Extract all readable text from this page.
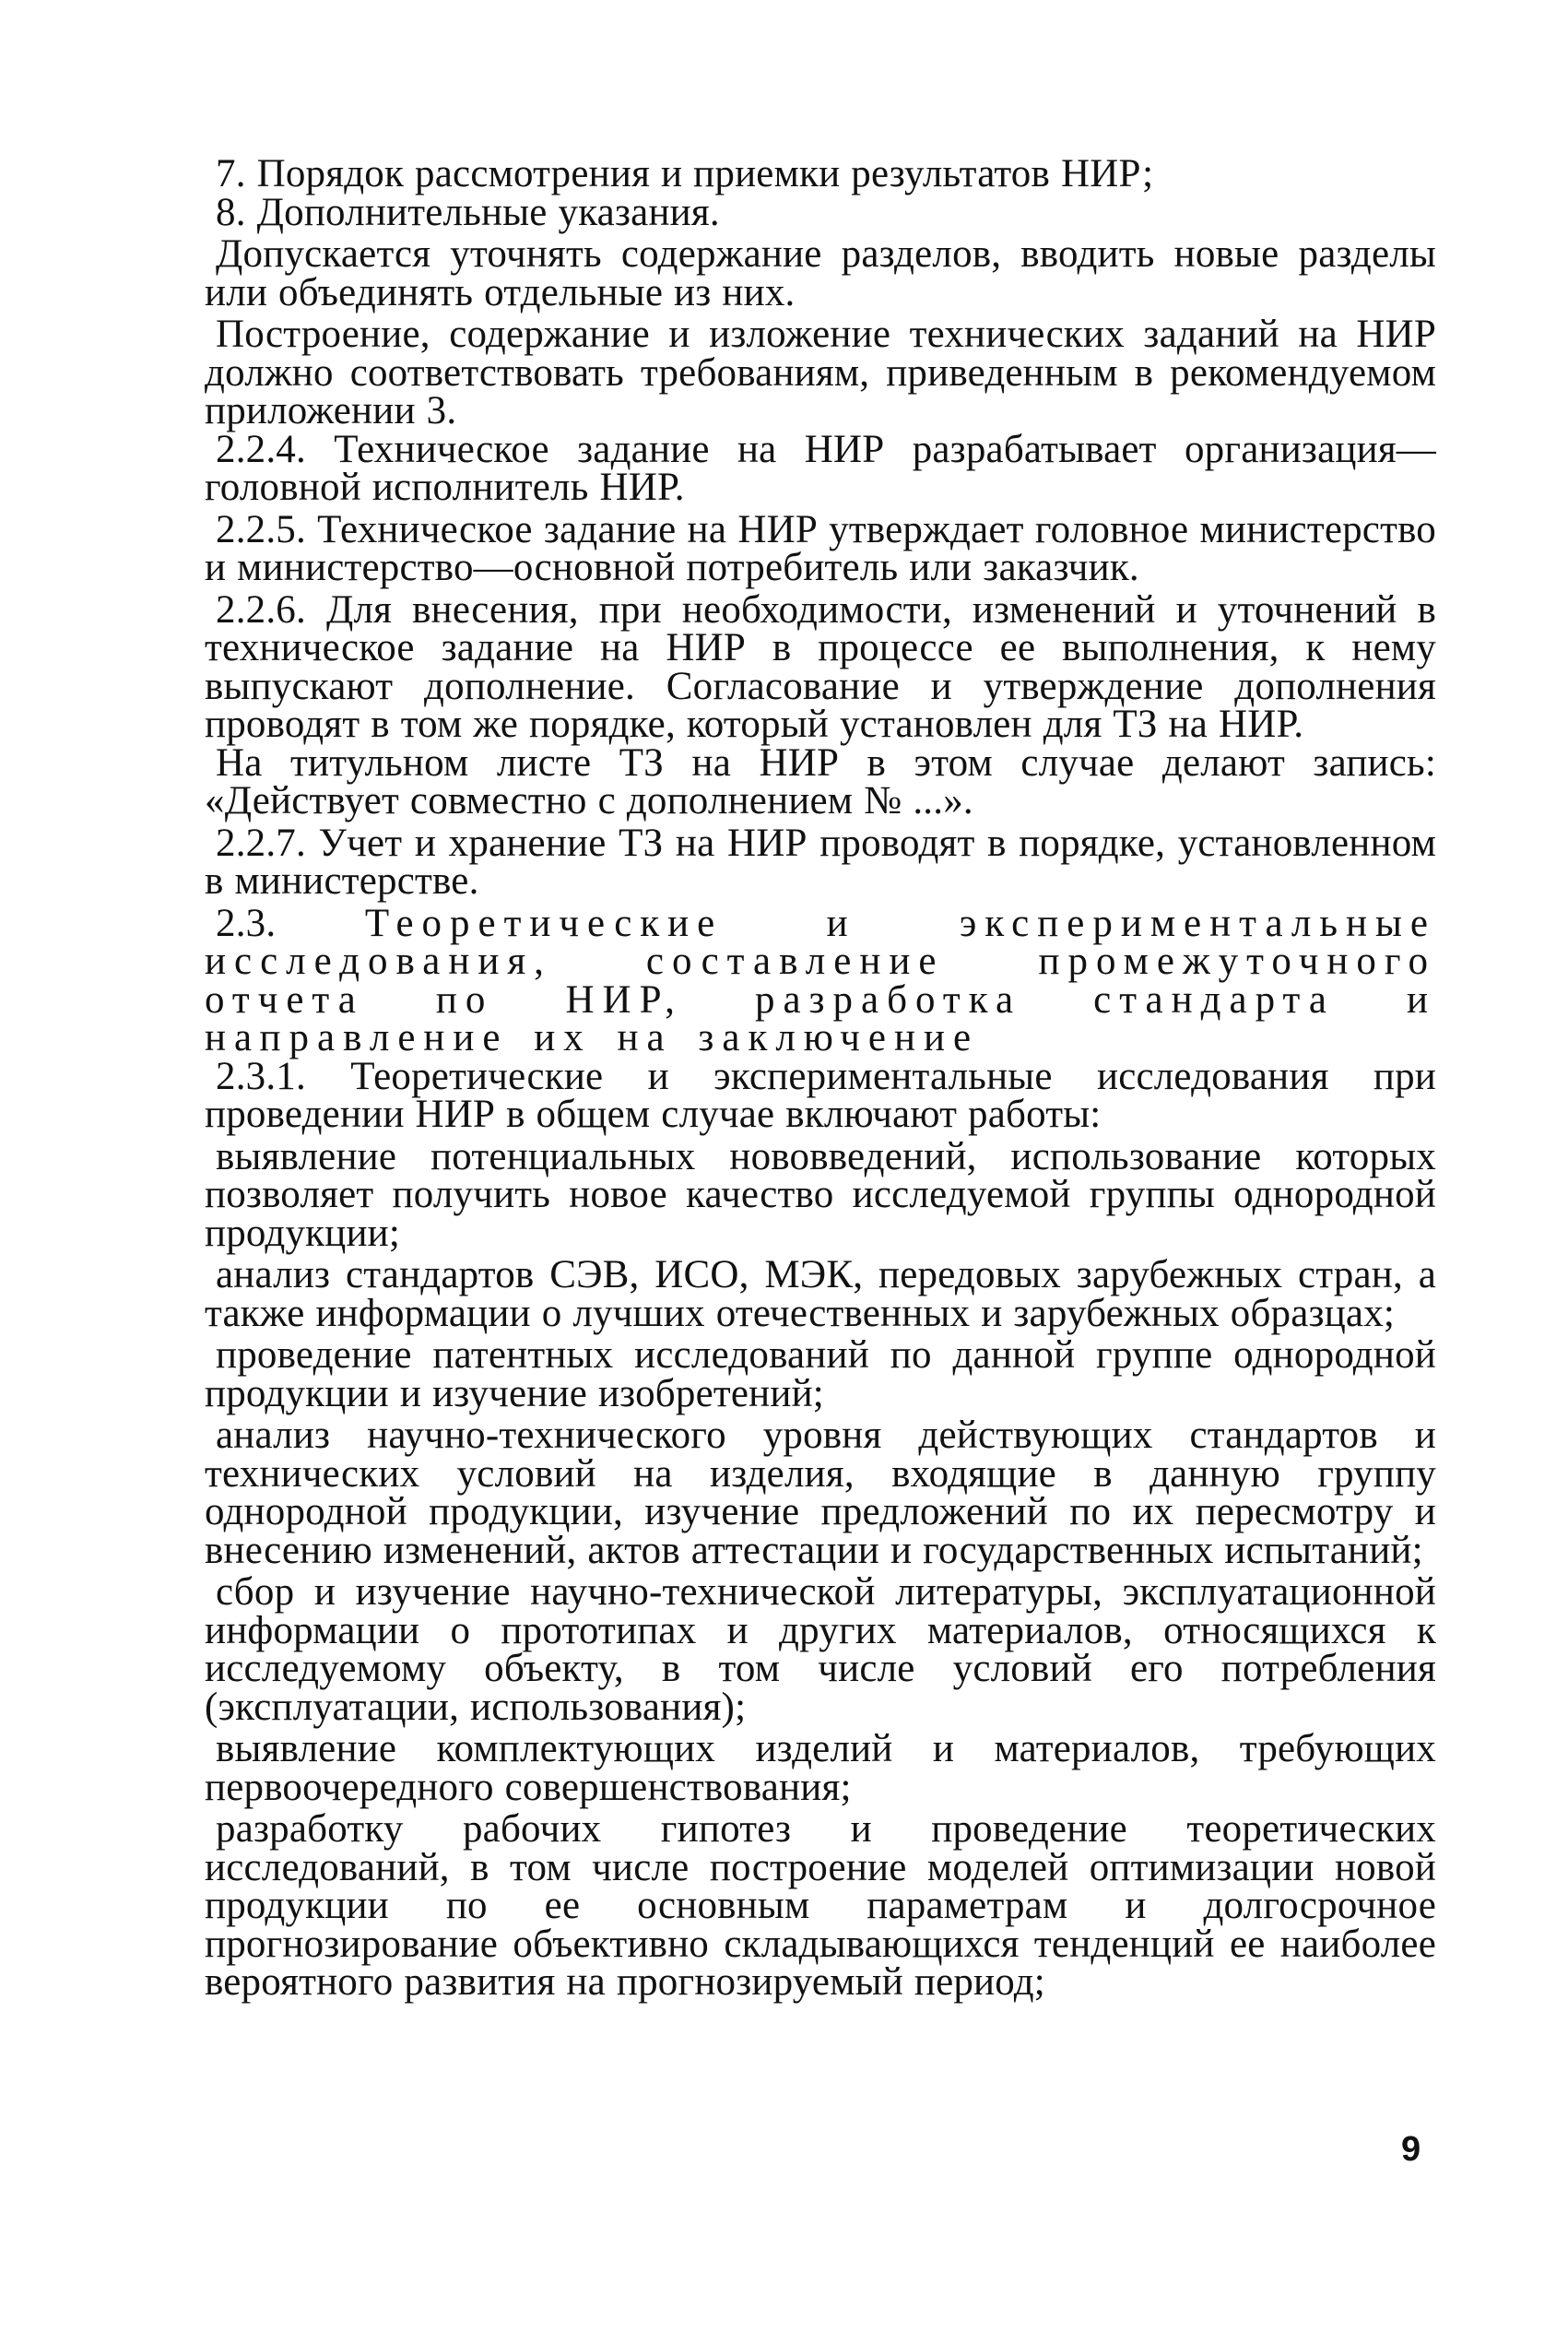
7. Порядок рассмотрения и приемки результатов НИР;

8. Дополнительные указания.

Допускается уточнять содержание разделов, вводить новые разделы или объединять отдельные из них.

Построение, содержание и изложение технических заданий на НИР должно соответствовать требованиям, приведенным в рекомендуемом приложении 3.

2.2.4. Техническое задание на НИР разрабатывает организация—головной исполнитель НИР.

2.2.5. Техническое задание на НИР утверждает головное министерство и министерство—основной потребитель или заказчик.

2.2.6. Для внесения, при необходимости, изменений и уточнений в техническое задание на НИР в процессе ее выполнения, к нему выпускают дополнение. Согласование и утверждение дополнения проводят в том же порядке, который установлен для ТЗ на НИР.

На титульном листе ТЗ на НИР в этом случае делают запись: «Действует совместно с дополнением № ...».

2.2.7. Учет и хранение ТЗ на НИР проводят в порядке, установленном в министерстве.

2.3. Теоретические и экспериментальные исследования, составление промежуточного отчета по НИР, разработка стандарта и направление их на заключение

2.3.1. Теоретические и экспериментальные исследования при проведении НИР в общем случае включают работы:

выявление потенциальных нововведений, использование которых позволяет получить новое качество исследуемой группы однородной продукции;

анализ стандартов СЭВ, ИСО, МЭК, передовых зарубежных стран, а также информации о лучших отечественных и зарубежных образцах;

проведение патентных исследований по данной группе однородной продукции и изучение изобретений;

анализ научно-технического уровня действующих стандартов и технических условий на изделия, входящие в данную группу однородной продукции, изучение предложений по их пересмотру и внесению изменений, актов аттестации и государственных испытаний;

сбор и изучение научно-технической литературы, эксплуатационной информации о прототипах и других материалов, относящихся к исследуемому объекту, в том числе условий его потребления (эксплуатации, использования);

выявление комплектующих изделий и материалов, требующих первоочередного совершенствования;

разработку рабочих гипотез и проведение теоретических исследований, в том числе построение моделей оптимизации новой продукции по ее основным параметрам и долгосрочное прогнозирование объективно складывающихся тенденций ее наиболее вероятного развития на прогнозируемый период;

9
